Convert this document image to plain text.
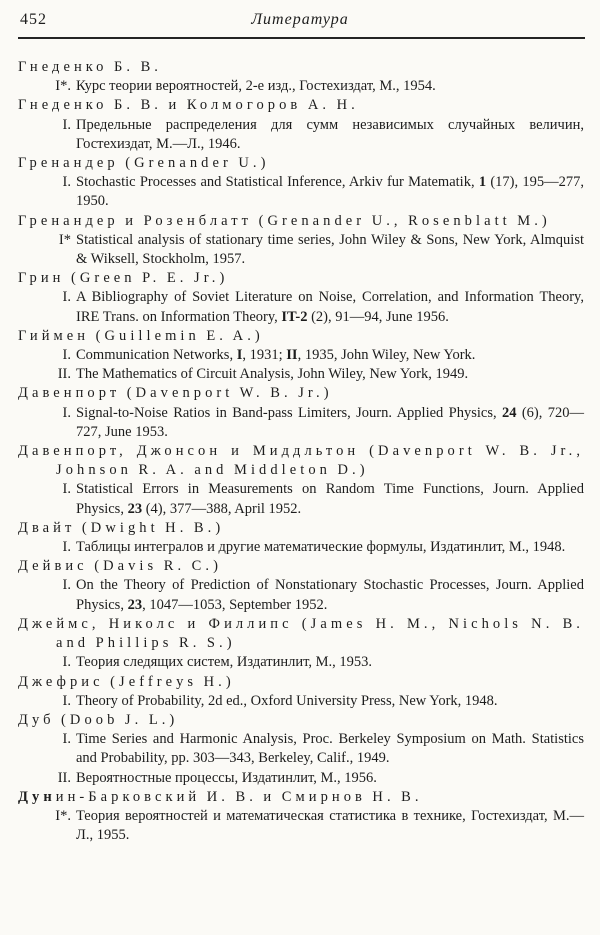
452	Литература
Гнеденко Б. В.
I*. Курс теории вероятностей, 2-е изд., Гостехиздат, М., 1954.
Гнеденко Б. В. и Колмогоров А. Н.
I. Предельные распределения для сумм независимых случайных величин, Гостехиздат, М.—Л., 1946.
Гренандер (Grenander U.)
I. Stochastic Processes and Statistical Inference, Arkiv fur Matematik, 1 (17), 195—277, 1950.
Гренандер и Розенблатт (Grenander U., Rosenblatt M.)
I* Statistical analysis of stationary time series, John Wiley & Sons, New York, Almquist & Wiksell, Stockholm, 1957.
Грин (Green P. E. Jr.)
I. A Bibliography of Soviet Literature on Noise, Correlation, and Information Theory, IRE Trans. on Information Theory, IT-2 (2), 91—94, June 1956.
Гиймен (Guillemin E. A.)
I. Communication Networks, I, 1931; II, 1935, John Wiley, New York.
II. The Mathematics of Circuit Analysis, John Wiley, New York, 1949.
Давенпорт (Davenport W. B. Jr.)
I. Signal-to-Noise Ratios in Band-pass Limiters, Journ. Applied Physics, 24 (6), 720—727, June 1953.
Давенпорт, Джонсон и Миддльтон (Davenport W. B. Jr., Johnson R. A. and Middleton D.)
I. Statistical Errors in Measurements on Random Time Functions, Journ. Applied Physics, 23 (4), 377—388, April 1952.
Двайт (Dwight H. B.)
I. Таблицы интегралов и другие математические формулы, Издатинлит, М., 1948.
Дейвис (Davis R. C.)
I. On the Theory of Prediction of Nonstationary Stochastic Processes, Journ. Applied Physics, 23, 1047—1053, September 1952.
Джеймс, Николс и Филлипс (James H. M., Nichols N. B. and Phillips R. S.)
I. Теория следящих систем, Издатинлит, М., 1953.
Джефрис (Jeffreys H.)
I. Theory of Probability, 2d ed., Oxford University Press, New York, 1948.
Дуб (Doob J. L.)
I. Time Series and Harmonic Analysis, Proc. Berkeley Symposium on Math. Statistics and Probability, pp. 303—343, Berkeley, Calif., 1949.
II. Вероятностные процессы, Издатинлит, М., 1956.
Дунин-Барковский И. В. и Смирнов Н. В.
I*. Теория вероятностей и математическая статистика в технике, Гостехиздат, М.—Л., 1955.
